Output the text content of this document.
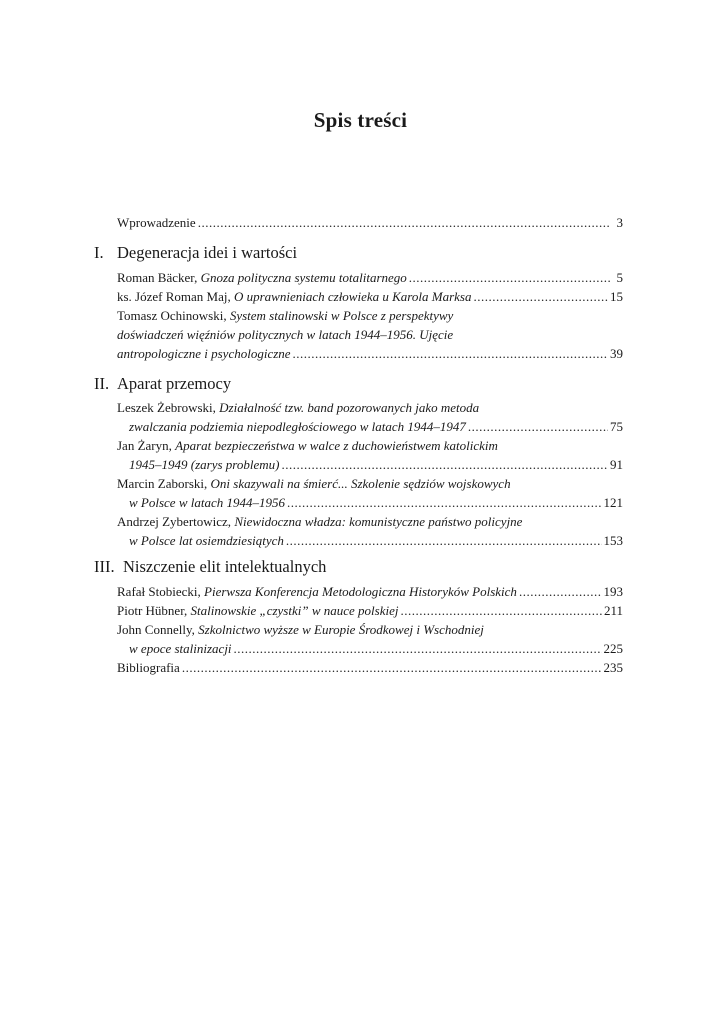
Spis treści
Wprowadzenie .....	3
I. Degeneracja idei i wartości
Roman Bäcker, Gnoza polityczna systemu totalitarnego .....	5
ks. Józef Roman Maj, O uprawnieniach człowieka u Karola Marksa .....	15
Tomasz Ochinowski, System stalinowski w Polsce z perspektywy
doświadczeń więźniów politycznych w latach 1944–1956. Ujęcie
antropologiczne i psychologiczne .....	39
II. Aparat przemocy
Leszek Żebrowski, Działalność tzw. band pozorowanych jako metoda
zwalczania podziemia niepodległościowego w latach 1944–1947 .....	75
Jan Żaryn, Aparat bezpieczeństwa w walce z duchowieństwem katolickim
1945–1949 (zarys problemu) .....	91
Marcin Zaborski, Oni skazywali na śmierć... Szkolenie sędziów wojskowych
w Polsce w latach 1944–1956 .....	121
Andrzej Zybertowicz, Niewidoczna władza: komunistyczne państwo policyjne
w Polsce lat osiemdziesiątych .....	153
III. Niszczenie elit intelektualnych
Rafał Stobiecki, Pierwsza Konferencja Metodologiczna Historyków Polskich .....	193
Piotr Hübner, Stalinowskie „czystki” w nauce polskiej .....	211
John Connelly, Szkolnictwo wyższe w Europie Środkowej i Wschodniej
w epoce stalinizacji .....	225
Bibliografia .....	235
